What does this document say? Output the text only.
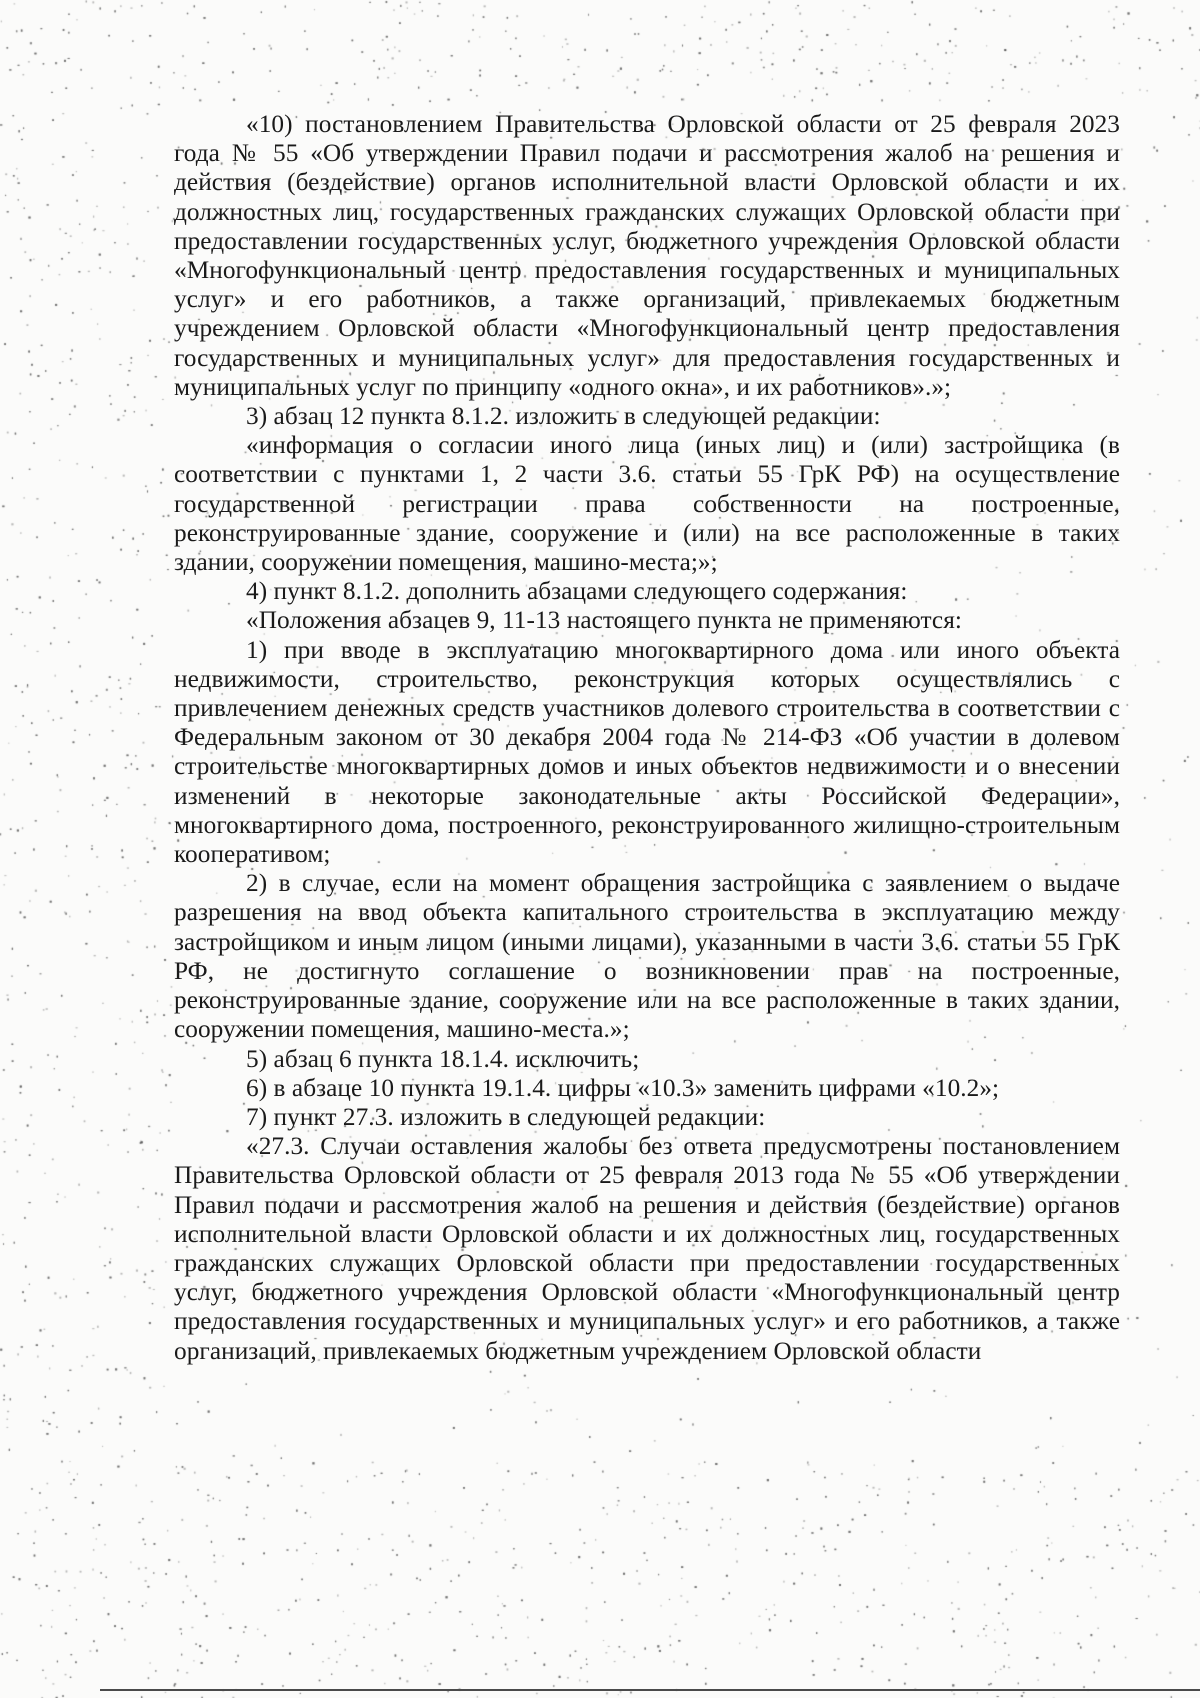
«10) постановлением Правительства Орловской области от 25 февраля 2023 года № 55 «Об утверждении Правил подачи и рассмотрения жалоб на решения и действия (бездействие) органов исполнительной власти Орловской области и их должностных лиц, государственных гражданских служащих Орловской области при предоставлении государственных услуг, бюджетного учреждения Орловской области «Многофункциональный центр предоставления государственных и муниципальных услуг» и его работников, а также организаций, привлекаемых бюджетным учреждением Орловской области «Многофункциональный центр предоставления государственных и муниципальных услуг» для предоставления государственных и муниципальных услуг по принципу «одного окна», и их работников».»;

3) абзац 12 пункта 8.1.2. изложить в следующей редакции:

«информация о согласии иного лица (иных лиц) и (или) застройщика (в соответствии с пунктами 1, 2 части 3.6. статьи 55 ГрК РФ) на осуществление государственной регистрации права собственности на построенные, реконструированные здание, сооружение и (или) на все расположенные в таких здании, сооружении помещения, машино-места;»;

4) пункт 8.1.2. дополнить абзацами следующего содержания:

«Положения абзацев 9, 11-13 настоящего пункта не применяются:

1) при вводе в эксплуатацию многоквартирного дома или иного объекта недвижимости, строительство, реконструкция которых осуществлялись с привлечением денежных средств участников долевого строительства в соответствии с Федеральным законом от 30 декабря 2004 года № 214-ФЗ «Об участии в долевом строительстве многоквартирных домов и иных объектов недвижимости и о внесении изменений в некоторые законодательные акты Российской Федерации», многоквартирного дома, построенного, реконструированного жилищно-строительным кооперативом;

2) в случае, если на момент обращения застройщика с заявлением о выдаче разрешения на ввод объекта капитального строительства в эксплуатацию между застройщиком и иным лицом (иными лицами), указанными в части 3.6. статьи 55 ГрК РФ, не достигнуто соглашение о возникновении прав на построенные, реконструированные здание, сооружение или на все расположенные в таких здании, сооружении помещения, машино-места.»;

5) абзац 6 пункта 18.1.4. исключить;

6) в абзаце 10 пункта 19.1.4. цифры «10.3» заменить цифрами «10.2»;

7) пункт 27.3. изложить в следующей редакции:

«27.3. Случаи оставления жалобы без ответа предусмотрены постановлением Правительства Орловской области от 25 февраля 2013 года № 55 «Об утверждении Правил подачи и рассмотрения жалоб на решения и действия (бездействие) органов исполнительной власти Орловской области и их должностных лиц, государственных гражданских служащих Орловской области при предоставлении государственных услуг, бюджетного учреждения Орловской области «Многофункциональный центр предоставления государственных и муниципальных услуг» и его работников, а также организаций, привлекаемых бюджетным учреждением Орловской области
